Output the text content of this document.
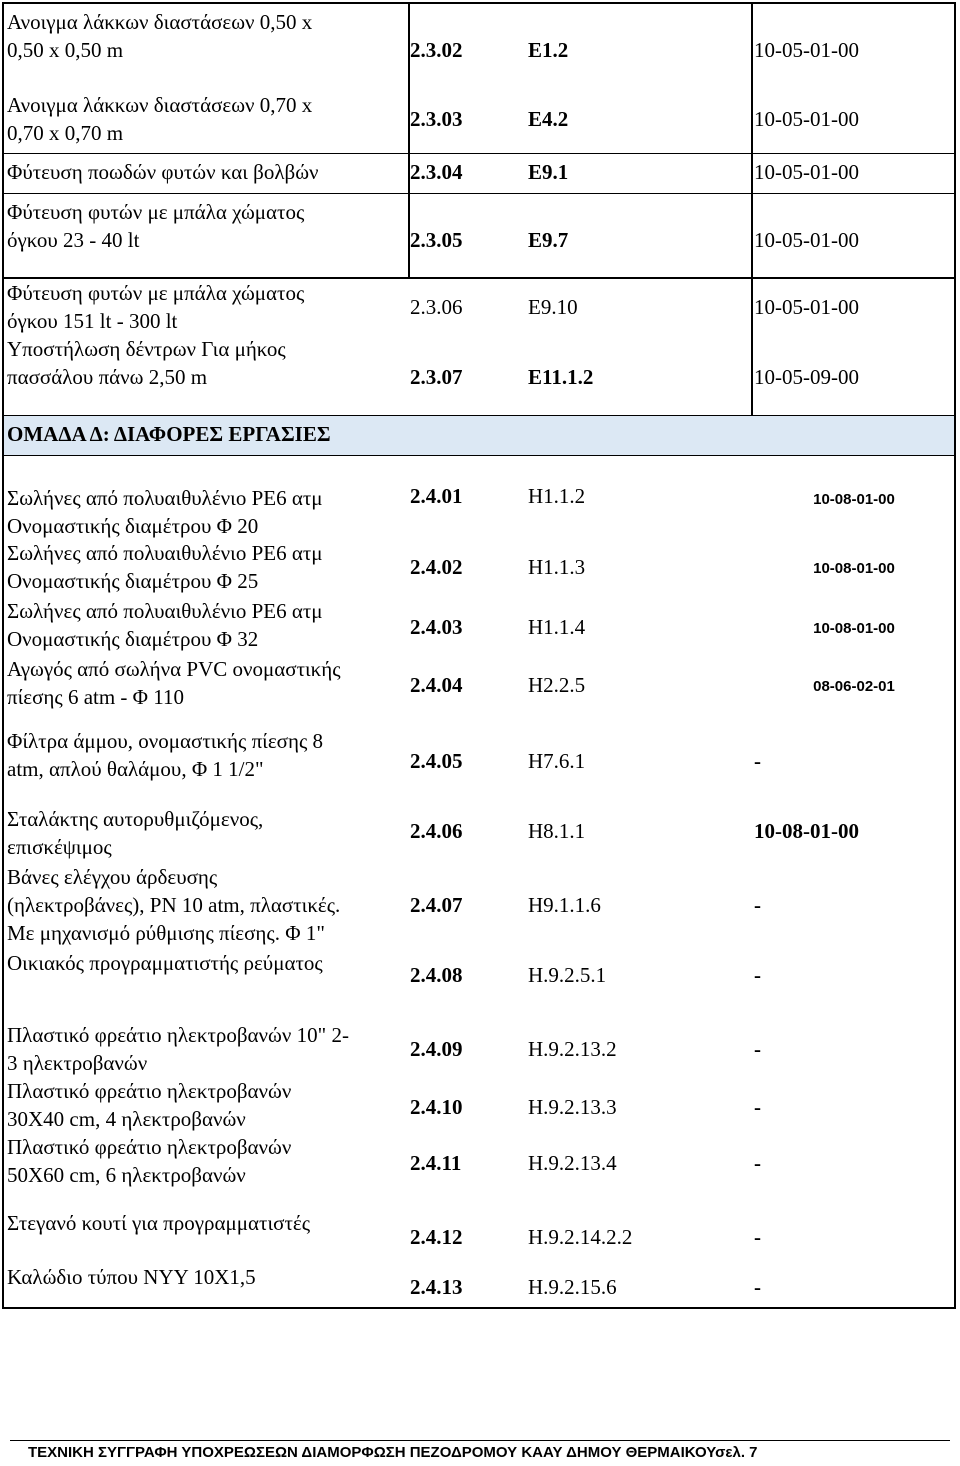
Ανοιγμα λάκκων διαστάσεων 0,50 x
0,50 x 0,50 m	2.3.02	E1.2	10-05-01-00
Ανοιγμα λάκκων διαστάσεων 0,70 x
0,70 x 0,70 m
2.3.03	E4.2	10-05-01-00
Φύτευση ποωδών φυτών και βολβών	2.3.04	E9.1	10-05-01-00
Φύτευση φυτών με μπάλα χώματος
όγκου 23 - 40 lt	2.3.05	E9.7	10-05-01-00
Φύτευση φυτών με μπάλα χώματος
όγκου 151 lt - 300 lt
2.3.06	E9.10	10-05-01-00
Υποστήλωση δέντρων Για μήκος
πασσάλου πάνω 2,50 m	2.3.07	E11.1.2	10-05-09-00
ΟΜΑΔΑ Δ: ΔΙΑΦΟΡΕΣ ΕΡΓΑΣΙΕΣ
Σωλήνες από πολυαιθυλένιο PE6 ατμ
Ονομαστικής διαμέτρου Φ 20
2.4.01	H1.1.2	10-08-01-00
Σωλήνες από πολυαιθυλένιο PE6 ατμ
Ονομαστικής διαμέτρου Φ 25
2.4.02	H1.1.3	10-08-01-00
Σωλήνες από πολυαιθυλένιο PE6 ατμ
Ονομαστικής διαμέτρου Φ 32	2.4.03	H1.1.4	10-08-01-00
Αγωγός από σωλήνα PVC ονομαστικής
πίεσης 6 atm - Φ 110	2.4.04	H2.2.5	08-06-02-01
Φίλτρα άμμου, ονομαστικής πίεσης 8
atm, απλού θαλάμου, Φ 1 1/2"	2.4.05	H7.6.1	-
Σταλάκτης αυτορυθμιζόμενος,
επισκέψιμος
2.4.06	H8.1.1	10-08-01-00
Βάνες ελέγχου άρδευσης
(ηλεκτροβάνες), PN 10 atm, πλαστικές.
Με μηχανισμό ρύθμισης πίεσης. Φ 1"
2.4.07	H9.1.1.6	-
Οικιακός προγραμματιστής ρεύματος	2.4.08	H.9.2.5.1	-
Πλαστικό φρεάτιο ηλεκτροβανών 10" 2-
3 ηλεκτροβανών
2.4.09	H.9.2.13.2	-
Πλαστικό φρεάτιο ηλεκτροβανών
30X40 cm, 4 ηλεκτροβανών	2.4.10	H.9.2.13.3	-
Πλαστικό φρεάτιο ηλεκτροβανών
50X60 cm, 6 ηλεκτροβανών	2.4.11	H.9.2.13.4	-
Στεγανό κουτί για προγραμματιστές
2.4.12	H.9.2.14.2.2	-
Καλώδιο τύπου NYY 10X1,5	2.4.13	H.9.2.15.6	-
ΤΕΧΝΙΚΗ ΣΥΓΓΡΑΦΗ ΥΠΟΧΡΕΩΣΕΩΝ ΔΙΑΜΟΡΦΩΣΗ ΠΕΖΟΔΡΟΜΟΥ ΚΑΑΥ ΔΗΜΟΥ ΘΕΡΜΑΙΚΟΥσελ. 7
